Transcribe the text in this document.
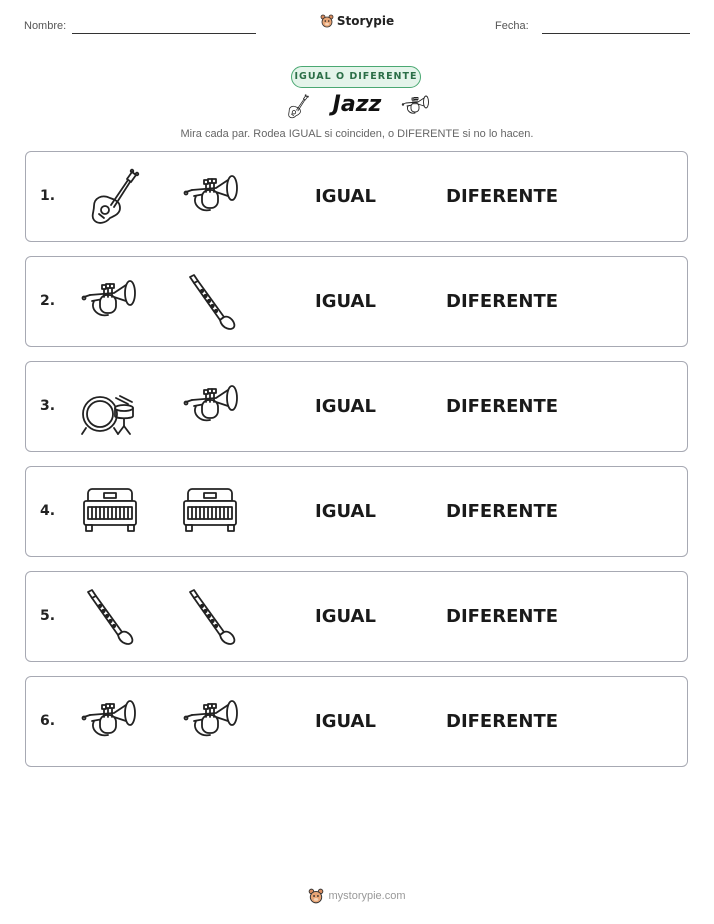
Nombre:	Storypie	Fecha:
IGUAL O DIFERENTE
Jazz
Mira cada par. Rodea IGUAL si coinciden, o DIFERENTE si no lo hacen.
1.	IGUAL	DIFERENTE
2.	IGUAL	DIFERENTE
3.	IGUAL	DIFERENTE
4.	IGUAL	DIFERENTE
5.	IGUAL	DIFERENTE
6.	IGUAL	DIFERENTE
mystorypie.com
